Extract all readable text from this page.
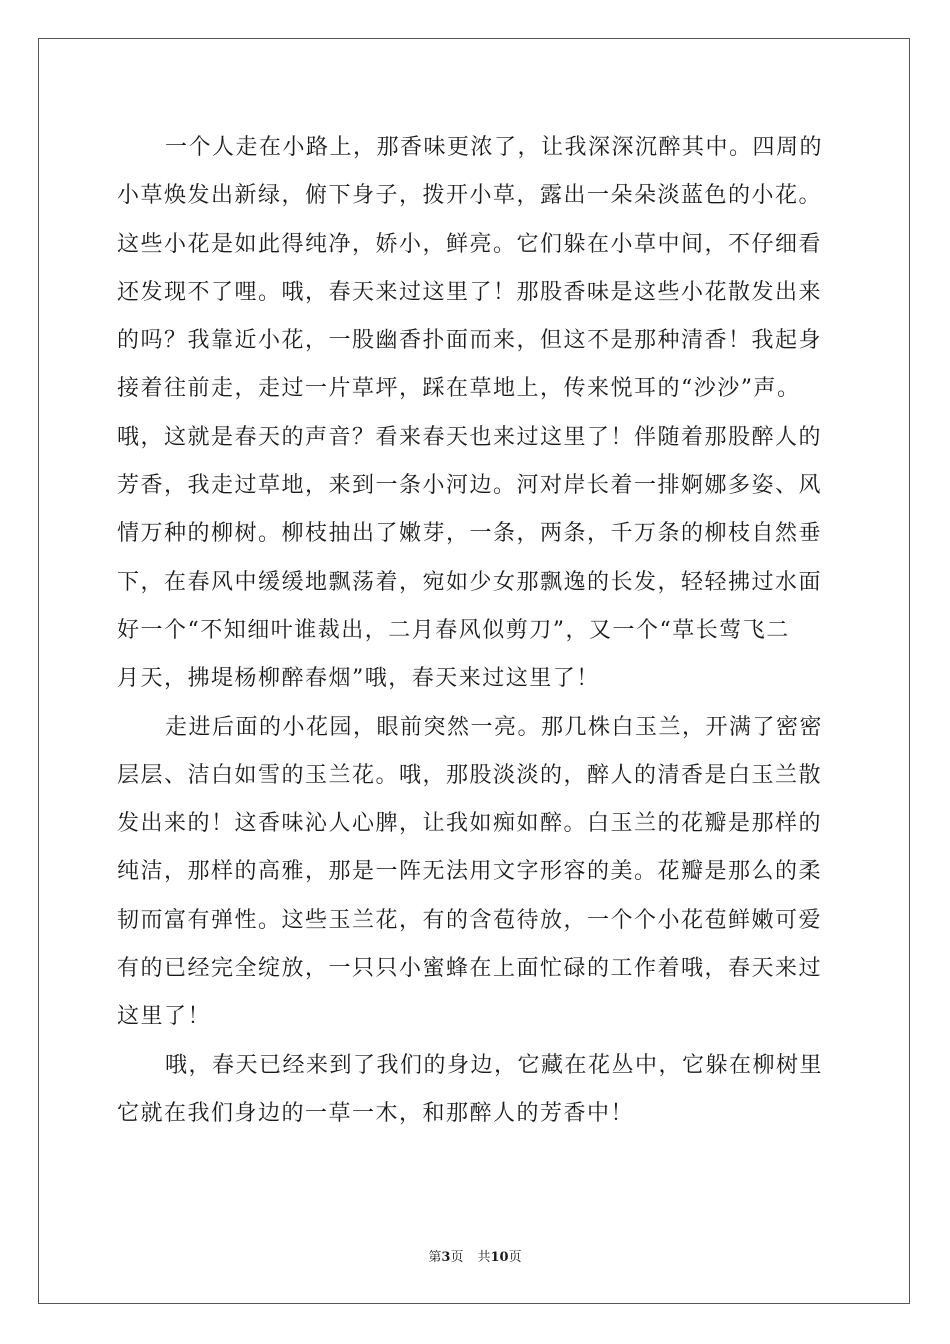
一个人走在小路上，那香味更浓了，让我深深沉醉其中。四周的
小草焕发出新绿，俯下身子，拨开小草，露出一朵朵淡蓝色的小花。
这些小花是如此得纯净，娇小，鲜亮。它们躲在小草中间，不仔细看
还发现不了哩。哦，春天来过这里了！那股香味是这些小花散发出来
的吗？我靠近小花，一股幽香扑面而来，但这不是那种清香！我起身
接着往前走，走过一片草坪，踩在草地上，传来悦耳的“沙沙”声。
哦，这就是春天的声音？看来春天也来过这里了！伴随着那股醉人的
芳香，我走过草地，来到一条小河边。河对岸长着一排婀娜多姿、风
情万种的柳树。柳枝抽出了嫩芽，一条，两条，千万条的柳枝自然垂
下，在春风中缓缓地飘荡着，宛如少女那飘逸的长发，轻轻拂过水面
好一个“不知细叶谁裁出，二月春风似剪刀”，又一个“草长莺飞二
月天，拂堤杨柳醉春烟”哦，春天来过这里了！
走进后面的小花园，眼前突然一亮。那几株白玉兰，开满了密密
层层、洁白如雪的玉兰花。哦，那股淡淡的，醉人的清香是白玉兰散
发出来的！这香味沁人心脾，让我如痴如醉。白玉兰的花瓣是那样的
纯洁，那样的高雅，那是一阵无法用文字形容的美。花瓣是那么的柔
韧而富有弹性。这些玉兰花，有的含苞待放，一个个小花苞鲜嫩可爱
有的已经完全绽放，一只只小蜜蜂在上面忙碌的工作着哦，春天来过
这里了！
哦，春天已经来到了我们的身边，它藏在花丛中，它躲在柳树里
它就在我们身边的一草一木，和那醉人的芳香中！
第3页 共10页
